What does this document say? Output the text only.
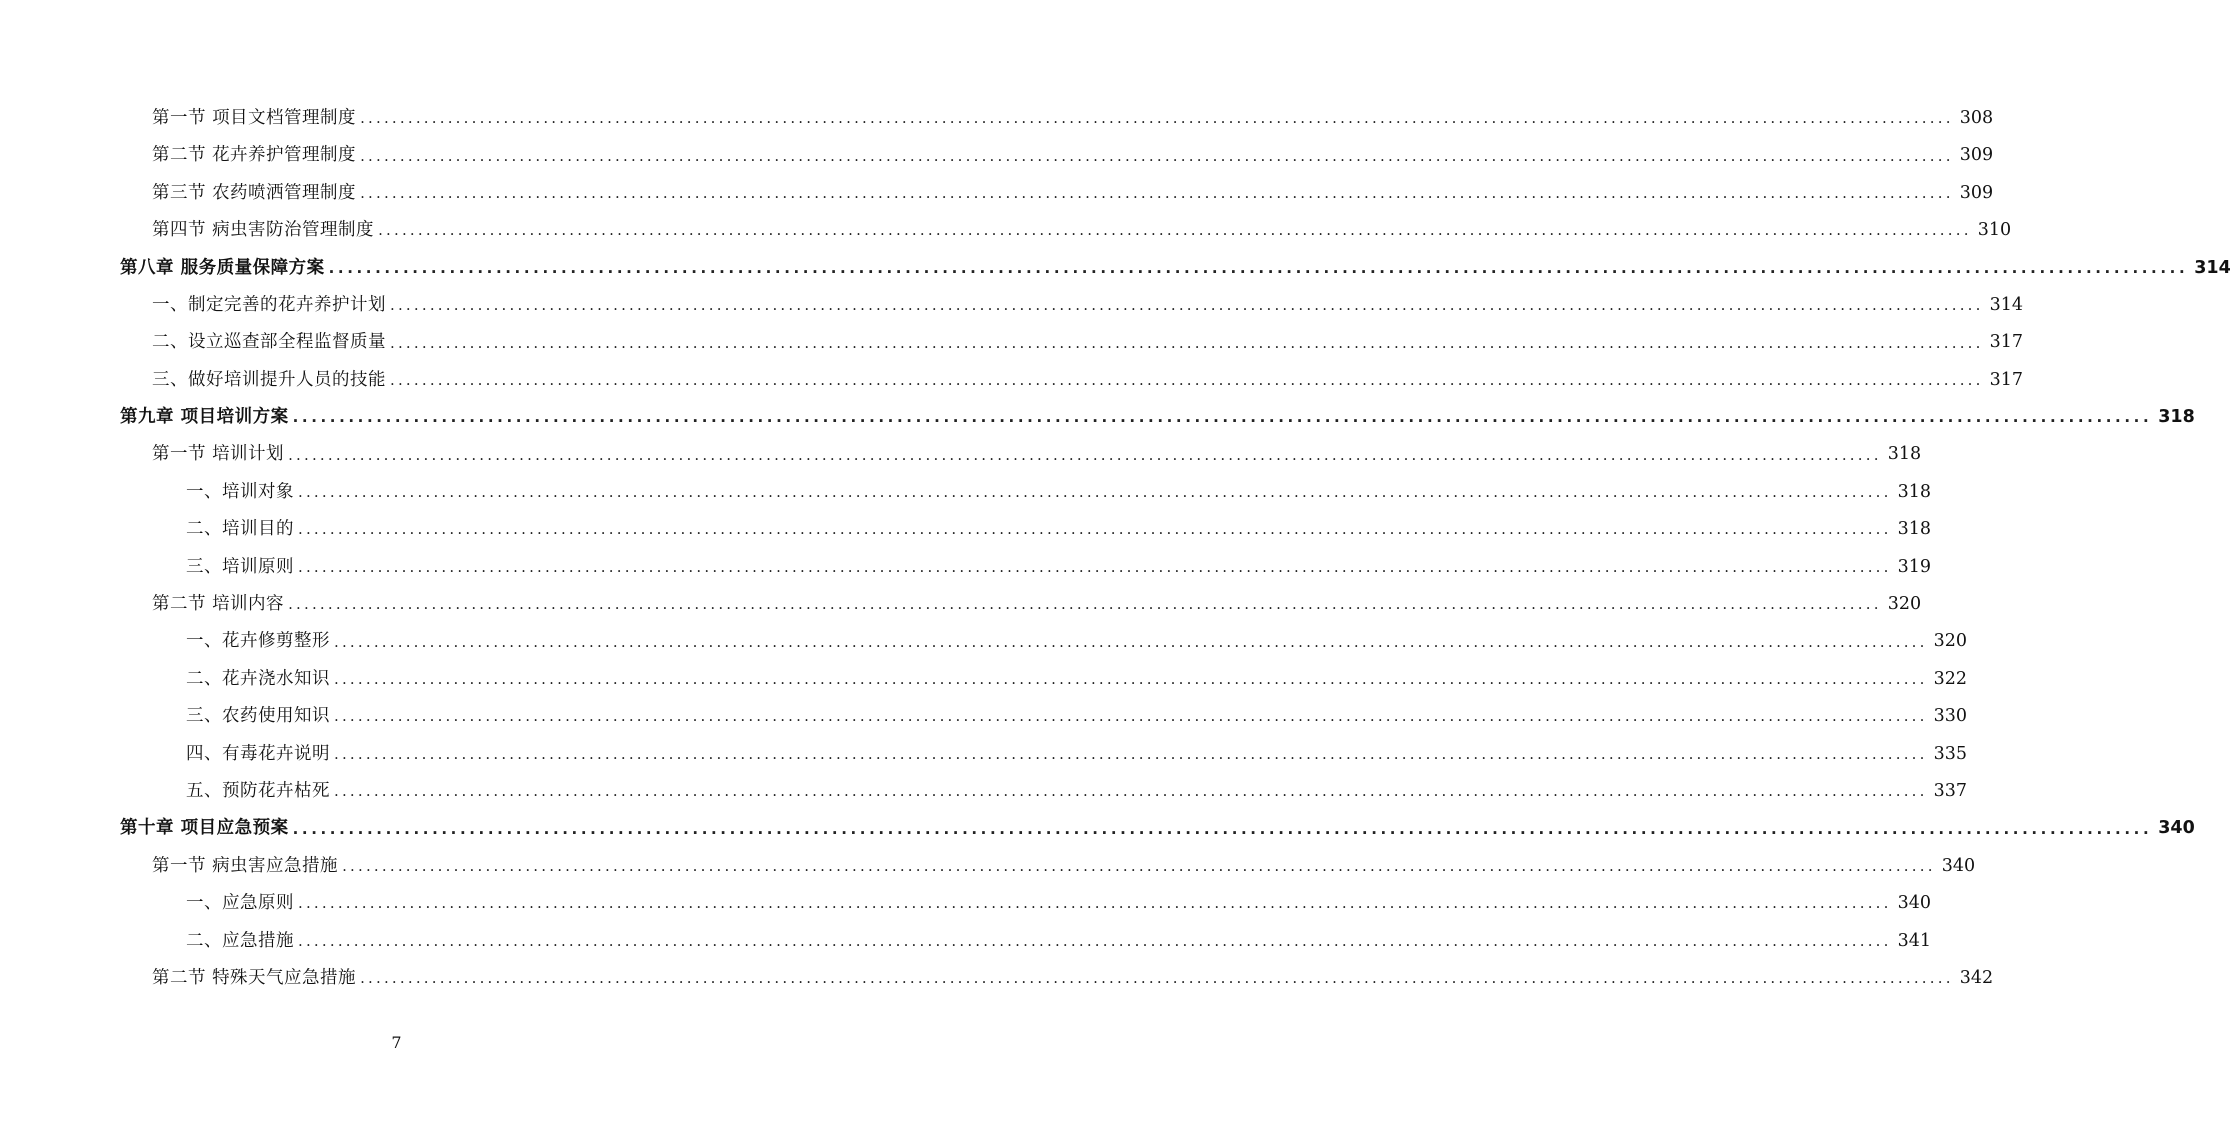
第一节 项目文档管理制度 ........................................................................................................................................................................................................ 308
第二节 花卉养护管理制度 ........................................................................................................................................................................................................ 309
第三节 农药喷洒管理制度 ........................................................................................................................................................................................................ 309
第四节 病虫害防治管理制度 ........................................................................................................................................................................................................ 310
第八章 服务质量保障方案 ........................................................................................................................................................................................................ 314
一、制定完善的花卉养护计划 ........................................................................................................................................................................................................ 314
二、设立巡查部全程监督质量 ........................................................................................................................................................................................................ 317
三、做好培训提升人员的技能 ........................................................................................................................................................................................................ 317
第九章 项目培训方案 ........................................................................................................................................................................................................ 318
第一节 培训计划 ........................................................................................................................................................................................................ 318
一、培训对象 ........................................................................................................................................................................................................ 318
二、培训目的 ........................................................................................................................................................................................................ 318
三、培训原则 ........................................................................................................................................................................................................ 319
第二节 培训内容 ........................................................................................................................................................................................................ 320
一、花卉修剪整形 ........................................................................................................................................................................................................ 320
二、花卉浇水知识 ........................................................................................................................................................................................................ 322
三、农药使用知识 ........................................................................................................................................................................................................ 330
四、有毒花卉说明 ........................................................................................................................................................................................................ 335
五、预防花卉枯死 ........................................................................................................................................................................................................ 337
第十章 项目应急预案 ........................................................................................................................................................................................................ 340
第一节 病虫害应急措施 ........................................................................................................................................................................................................ 340
一、应急原则 ........................................................................................................................................................................................................ 340
二、应急措施 ........................................................................................................................................................................................................ 341
第二节 特殊天气应急措施 ........................................................................................................................................................................................................ 342
7
